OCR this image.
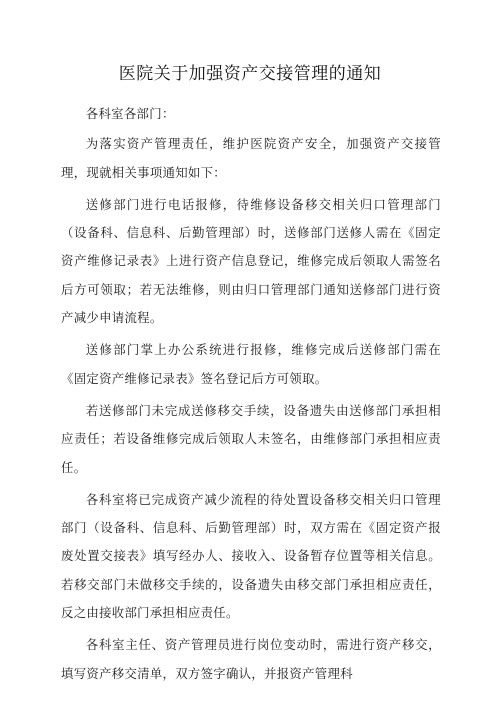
医院关于加强资产交接管理的通知

各科室各部门：

为落实资产管理责任，维护医院资产安全，加强资产交接管理，现就相关事项通知如下：

送修部门进行电话报修，待维修设备移交相关归口管理部门（设备科、信息科、后勤管理部）时，送修部门送修人需在《固定资产维修记录表》上进行资产信息登记，维修完成后领取人需签名后方可领取；若无法维修，则由归口管理部门通知送修部门进行资产减少申请流程。

送修部门掌上办公系统进行报修，维修完成后送修部门需在《固定资产维修记录表》签名登记后方可领取。

若送修部门未完成送修移交手续，设备遗失由送修部门承担相应责任；若设备维修完成后领取人未签名，由维修部门承担相应责任。

各科室将已完成资产减少流程的待处置设备移交相关归口管理部门（设备科、信息科、后勤管理部）时，双方需在《固定资产报废处置交接表》填写经办人、接收入、设备暂存位置等相关信息。若移交部门未做移交手续的，设备遗失由移交部门承担相应责任，反之由接收部门承担相应责任。

各科室主任、资产管理员进行岗位变动时，需进行资产移交，填写资产移交清单，双方签字确认，并报资产管理科
